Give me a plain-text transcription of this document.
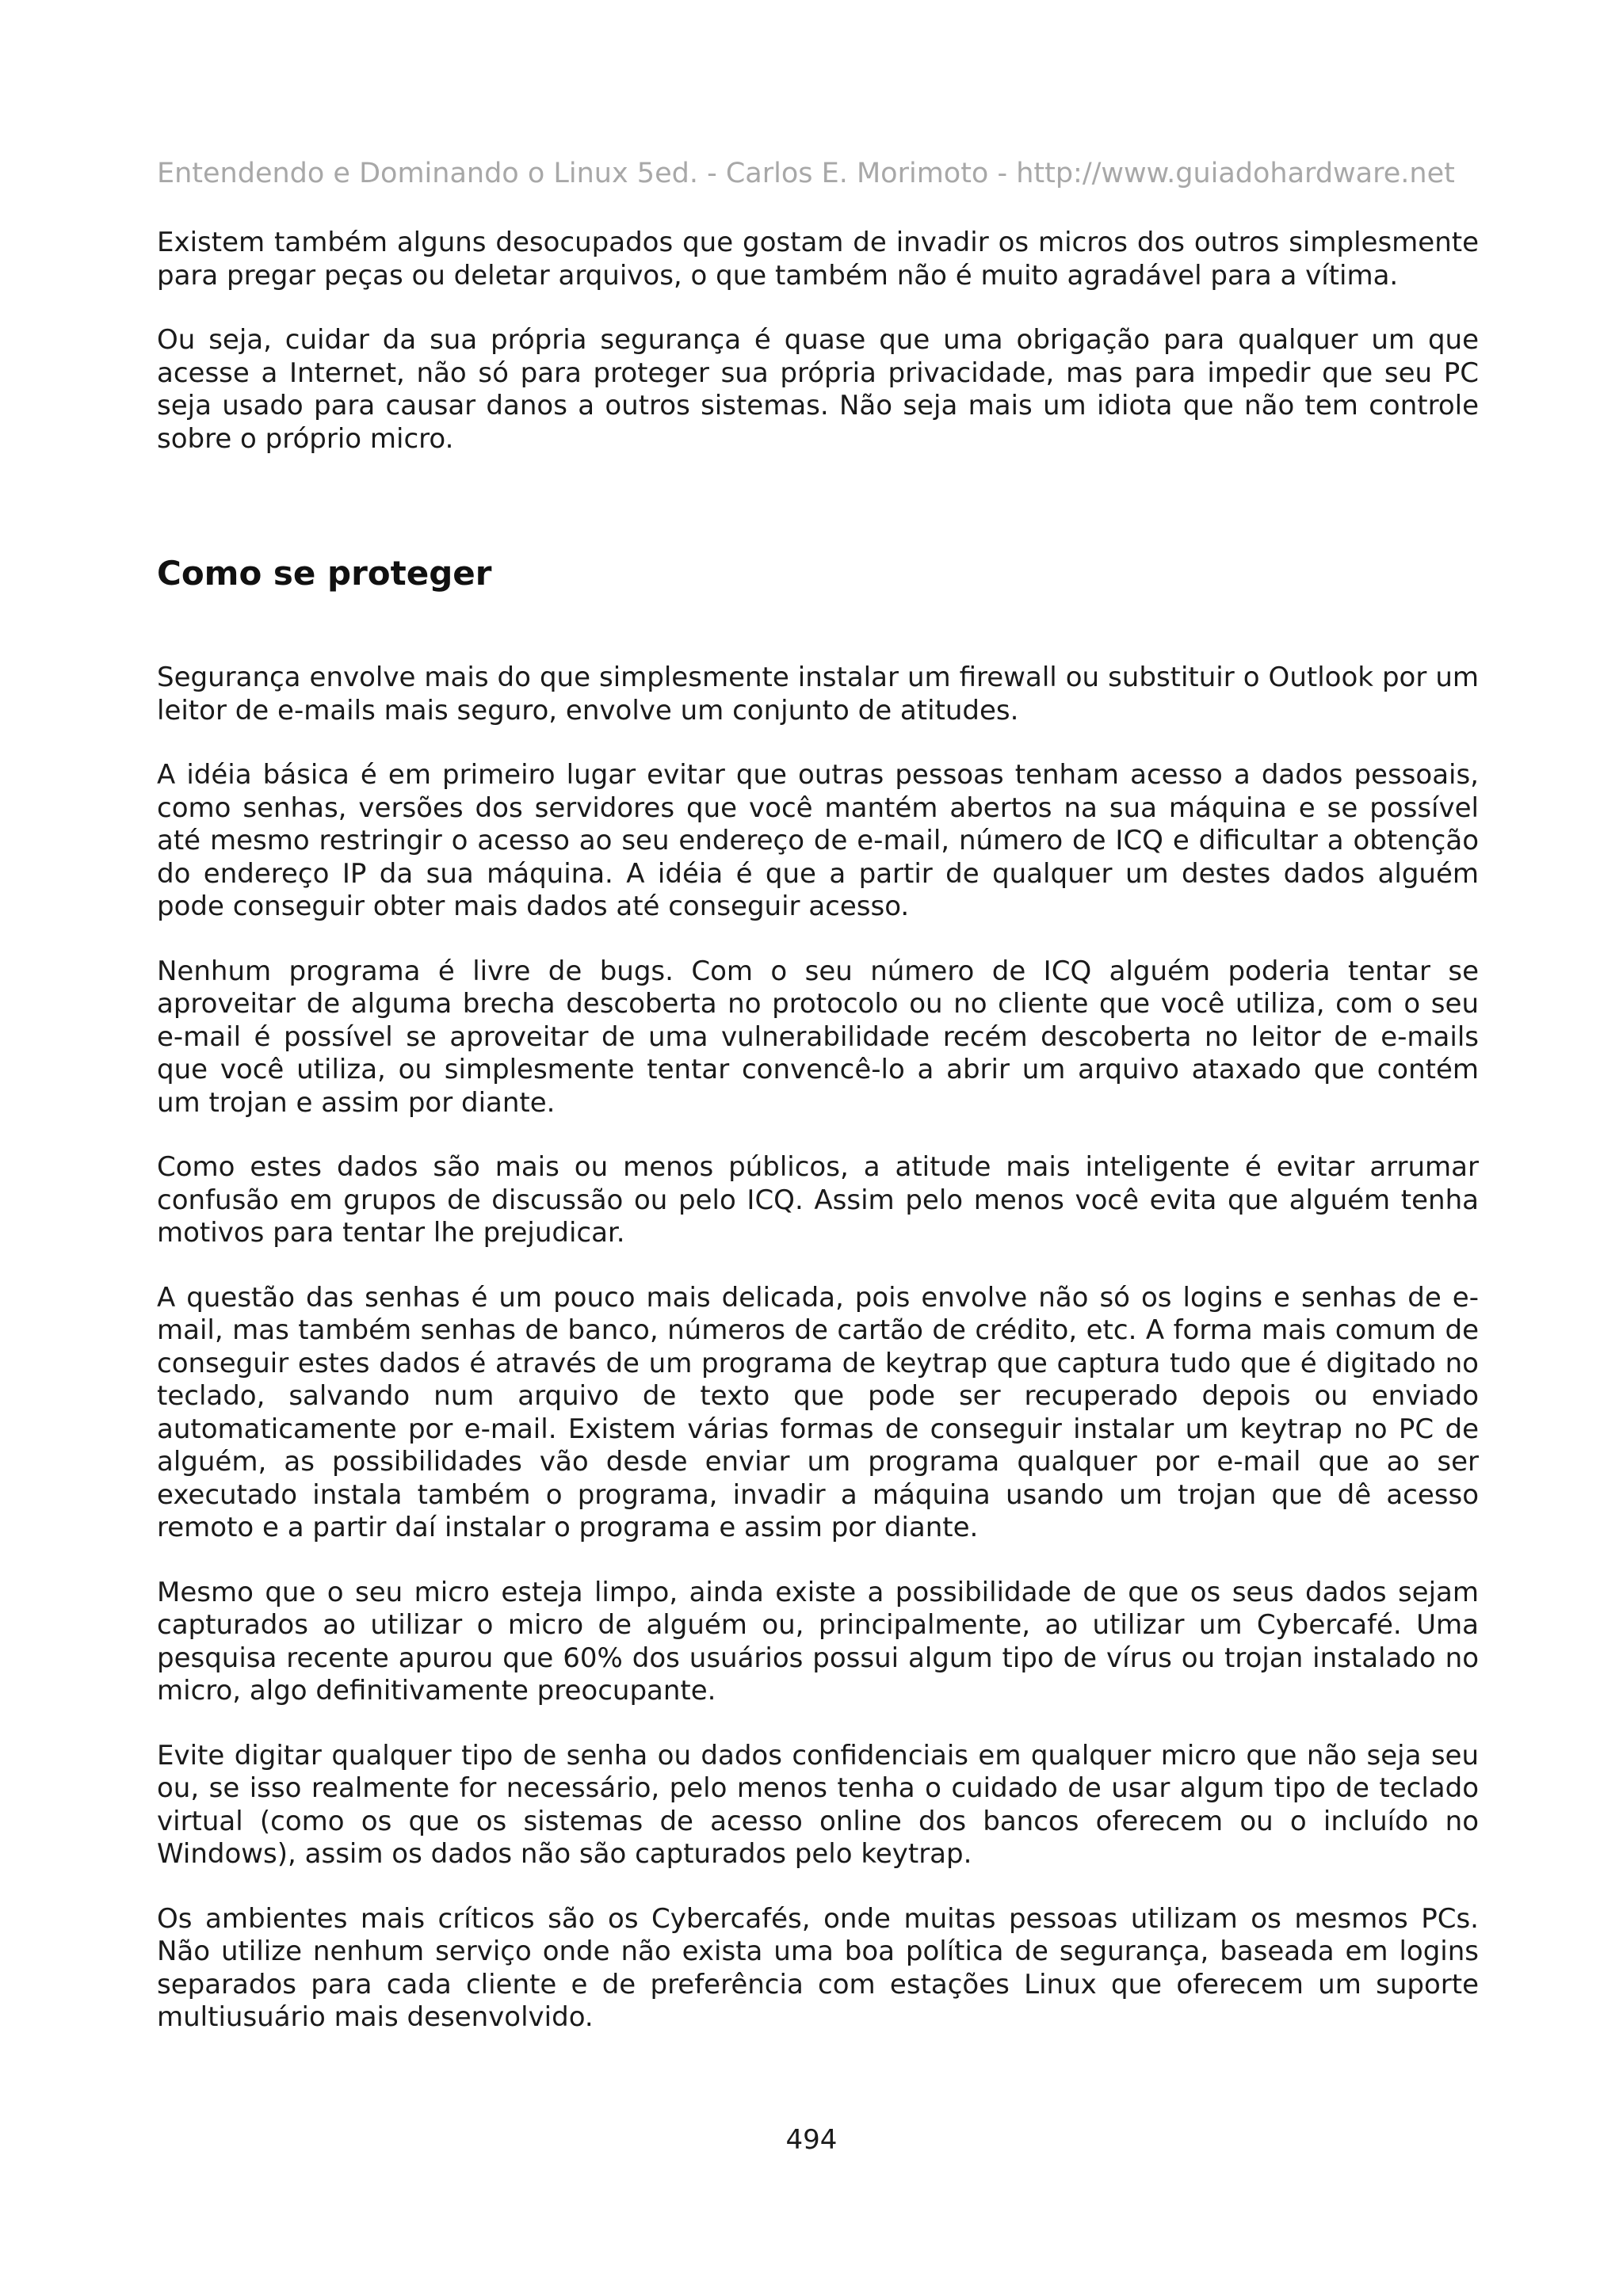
Entendendo e Dominando o Linux 5ed. - Carlos E. Morimoto - http://www.guiadohardware.net

Existem também alguns desocupados que gostam de invadir os micros dos outros simplesmente para pregar peças ou deletar arquivos, o que também não é muito agradável para a vítima.

Ou seja, cuidar da sua própria segurança é quase que uma obrigação para qualquer um que acesse a Internet, não só para proteger sua própria privacidade, mas para impedir que seu PC seja usado para causar danos a outros sistemas. Não seja mais um idiota que não tem controle sobre o próprio micro.

Como se proteger

Segurança envolve mais do que simplesmente instalar um firewall ou substituir o Outlook por um leitor de e-mails mais seguro, envolve um conjunto de atitudes.

A idéia básica é em primeiro lugar evitar que outras pessoas tenham acesso a dados pessoais, como senhas, versões dos servidores que você mantém abertos na sua máquina e se possível até mesmo restringir o acesso ao seu endereço de e-mail, número de ICQ e dificultar a obtenção do endereço IP da sua máquina. A idéia é que a partir de qualquer um destes dados alguém pode conseguir obter mais dados até conseguir acesso.

Nenhum programa é livre de bugs. Com o seu número de ICQ alguém poderia tentar se aproveitar de alguma brecha descoberta no protocolo ou no cliente que você utiliza, com o seu e-mail é possível se aproveitar de uma vulnerabilidade recém descoberta no leitor de e-mails que você utiliza, ou simplesmente tentar convencê-lo a abrir um arquivo ataxado que contém um trojan e assim por diante.

Como estes dados são mais ou menos públicos, a atitude mais inteligente é evitar arrumar confusão em grupos de discussão ou pelo ICQ. Assim pelo menos você evita que alguém tenha motivos para tentar lhe prejudicar.

A questão das senhas é um pouco mais delicada, pois envolve não só os logins e senhas de e-mail, mas também senhas de banco, números de cartão de crédito, etc. A forma mais comum de conseguir estes dados é através de um programa de keytrap que captura tudo que é digitado no teclado, salvando num arquivo de texto que pode ser recuperado depois ou enviado automaticamente por e-mail. Existem várias formas de conseguir instalar um keytrap no PC de alguém, as possibilidades vão desde enviar um programa qualquer por e-mail que ao ser executado instala também o programa, invadir a máquina usando um trojan que dê acesso remoto e a partir daí instalar o programa e assim por diante.

Mesmo que o seu micro esteja limpo, ainda existe a possibilidade de que os seus dados sejam capturados ao utilizar o micro de alguém ou, principalmente, ao utilizar um Cybercafé. Uma pesquisa recente apurou que 60% dos usuários possui algum tipo de vírus ou trojan instalado no micro, algo definitivamente preocupante.

Evite digitar qualquer tipo de senha ou dados confidenciais em qualquer micro que não seja seu ou, se isso realmente for necessário, pelo menos tenha o cuidado de usar algum tipo de teclado virtual (como os que os sistemas de acesso online dos bancos oferecem ou o incluído no Windows), assim os dados não são capturados pelo keytrap.

Os ambientes mais críticos são os Cybercafés, onde muitas pessoas utilizam os mesmos PCs. Não utilize nenhum serviço onde não exista uma boa política de segurança, baseada em logins separados para cada cliente e de preferência com estações Linux que oferecem um suporte multiusuário mais desenvolvido.

494
